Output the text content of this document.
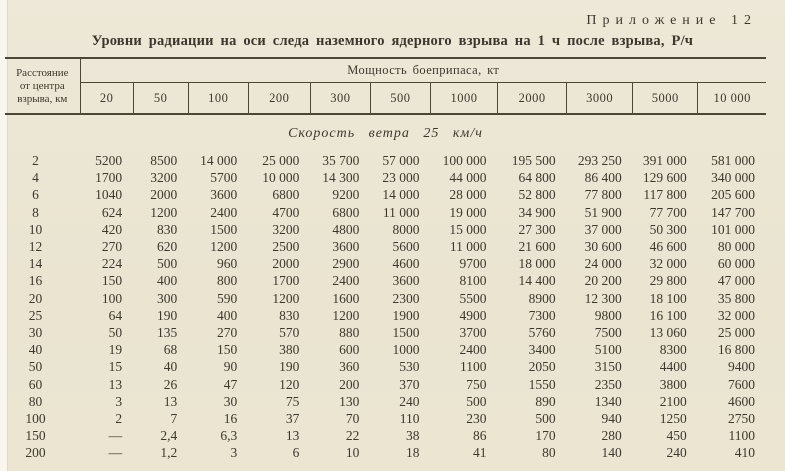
Приложение 12
Уровни радиации на оси следа наземного ядерного взрыва на 1 ч после взрыва, Р/ч
Расстояние
от центра
взрыва, км	Мощность боеприпаса, кт										
	20	50	100	200	300	500	1000	2000	3000	5000	10 000
Скорость ветра 25 км/ч											
2	5200	8500	14 000	25 000	35 700	57 000	100 000	195 500	293 250	391 000	581 000
4	1700	3200	5700	10 000	14 300	23 000	44 000	64 800	86 400	129 600	340 000
6	1040	2000	3600	6800	9200	14 000	28 000	52 800	77 800	117 800	205 600
8	624	1200	2400	4700	6800	11 000	19 000	34 900	51 900	77 700	147 700
10	420	830	1500	3200	4800	8000	15 000	27 300	37 000	50 300	101 000
12	270	620	1200	2500	3600	5600	11 000	21 600	30 600	46 600	80 000
14	224	500	960	2000	2900	4600	9700	18 000	24 000	32 000	60 000
16	150	400	800	1700	2400	3600	8100	14 400	20 200	29 800	47 000
20	100	300	590	1200	1600	2300	5500	8900	12 300	18 100	35 800
25	64	190	400	830	1200	1900	4900	7300	9800	16 100	32 000
30	50	135	270	570	880	1500	3700	5760	7500	13 060	25 000
40	19	68	150	380	600	1000	2400	3400	5100	8300	16 800
50	15	40	90	190	360	530	1100	2050	3150	4400	9400
60	13	26	47	120	200	370	750	1550	2350	3800	7600
80	3	13	30	75	130	240	500	890	1340	2100	4600
100	2	7	16	37	70	110	230	500	940	1250	2750
150	—	2,4	6,3	13	22	38	86	170	280	450	1100
200	—	1,2	3	6	10	18	41	80	140	240	410
